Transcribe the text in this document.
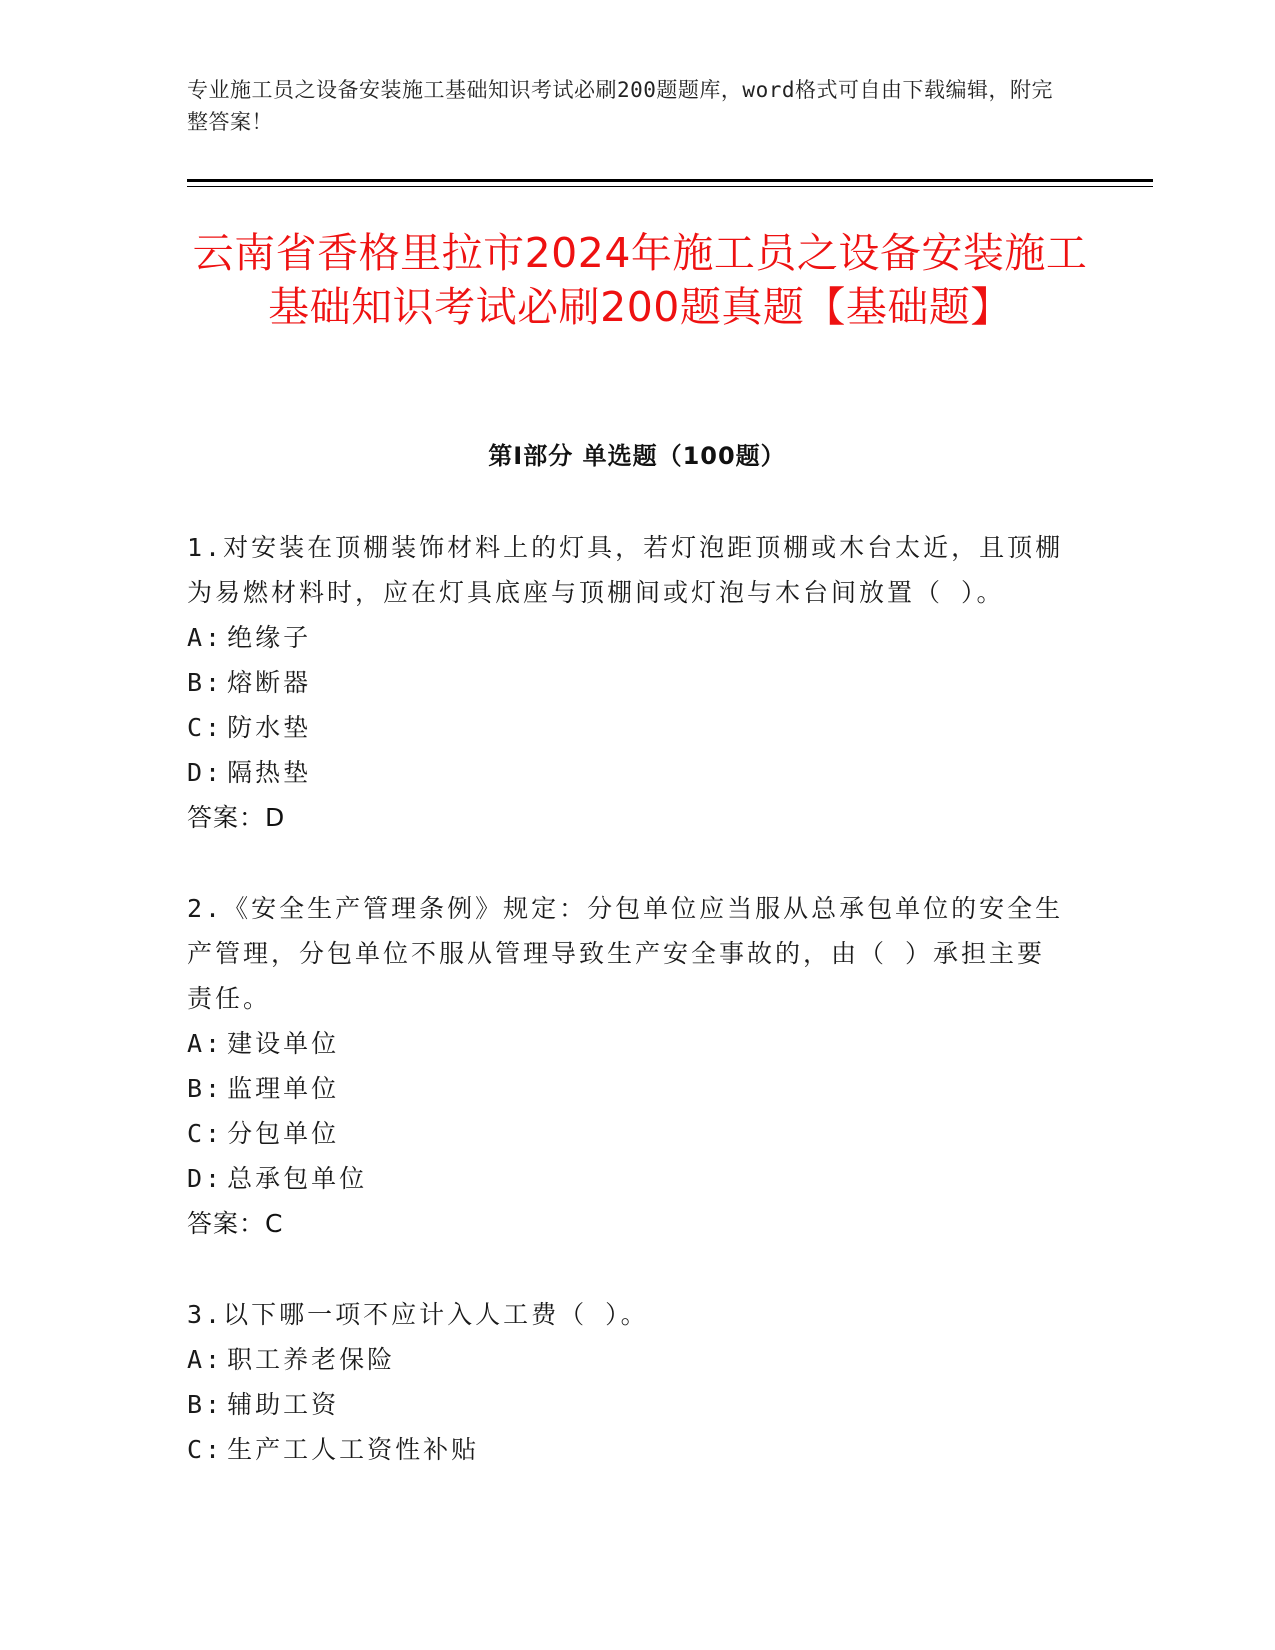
专业施工员之设备安装施工基础知识考试必刷200题题库，word格式可自由下载编辑，附完整答案！
云南省香格里拉市2024年施工员之设备安装施工基础知识考试必刷200题真题【基础题】
第Ⅰ部分 单选题（100题）
1.对安装在顶棚装饰材料上的灯具，若灯泡距顶棚或木台太近，且顶棚为易燃材料时，应在灯具底座与顶棚间或灯泡与木台间放置（ ）。
A: 绝缘子
B: 熔断器
C: 防水垫
D: 隔热垫
答案：D
2.《安全生产管理条例》规定：分包单位应当服从总承包单位的安全生产管理，分包单位不服从管理导致生产安全事故的，由（ ）承担主要责任。
A: 建设单位
B: 监理单位
C: 分包单位
D: 总承包单位
答案：C
3.以下哪一项不应计入人工费（ ）。
A: 职工养老保险
B: 辅助工资
C: 生产工人工资性补贴
